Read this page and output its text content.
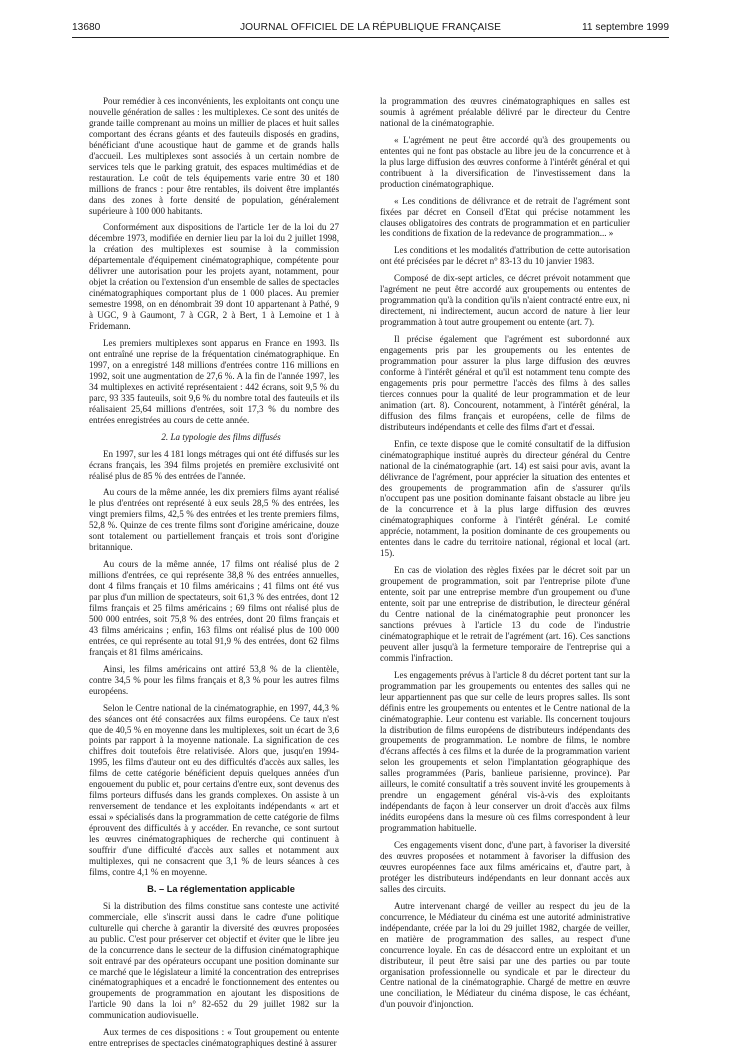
13680	JOURNAL OFFICIEL DE LA RÉPUBLIQUE FRANÇAISE	11 septembre 1999

Pour remédier à ces inconvénients, les exploitants ont conçu une nouvelle génération de salles : les multiplexes. Ce sont des unités de grande taille comprenant au moins un millier de places et huit salles comportant des écrans géants et des fauteuils disposés en gradins, bénéficiant d'une acoustique haut de gamme et de grands halls d'accueil. Les multiplexes sont associés à un certain nombre de services tels que le parking gratuit, des espaces multimédias et de restauration. Le coût de tels équipements varie entre 30 et 180 millions de francs : pour être rentables, ils doivent être implantés dans des zones à forte densité de population, généralement supérieure à 100 000 habitants.

Conformément aux dispositions de l'article 1er de la loi du 27 décembre 1973, modifiée en dernier lieu par la loi du 2 juillet 1998, la création des multiplexes est soumise à la commission départementale d'équipement cinématographique, compétente pour délivrer une autorisation pour les projets ayant, notamment, pour objet la création ou l'extension d'un ensemble de salles de spectacles cinématographiques comportant plus de 1 000 places. Au premier semestre 1998, on en dénombrait 39 dont 10 appartenant à Pathé, 9 à UGC, 9 à Gaumont, 7 à CGR, 2 à Bert, 1 à Lemoine et 1 à Fridemann.

Les premiers multiplexes sont apparus en France en 1993. Ils ont entraîné une reprise de la fréquentation cinématographique. En 1997, on a enregistré 148 millions d'entrées contre 116 millions en 1992, soit une augmentation de 27,6 %. A la fin de l'année 1997, les 34 multiplexes en activité représentaient : 442 écrans, soit 9,5 % du parc, 93 335 fauteuils, soit 9,6 % du nombre total des fauteuils et ils réalisaient 25,64 millions d'entrées, soit 17,3 % du nombre des entrées enregistrées au cours de cette année.

2. La typologie des films diffusés

En 1997, sur les 4 181 longs métrages qui ont été diffusés sur les écrans français, les 394 films projetés en première exclusivité ont réalisé plus de 85 % des entrées de l'année.

Au cours de la même année, les dix premiers films ayant réalisé le plus d'entrées ont représenté à eux seuls 28,5 % des entrées, les vingt premiers films, 42,5 % des entrées et les trente premiers films, 52,8 %. Quinze de ces trente films sont d'origine américaine, douze sont totalement ou partiellement français et trois sont d'origine britannique.

Au cours de la même année, 17 films ont réalisé plus de 2 millions d'entrées, ce qui représente 38,8 % des entrées annuelles, dont 4 films français et 10 films américains ; 41 films ont été vus par plus d'un million de spectateurs, soit 61,3 % des entrées, dont 12 films français et 25 films américains ; 69 films ont réalisé plus de 500 000 entrées, soit 75,8 % des entrées, dont 20 films français et 43 films américains ; enfin, 163 films ont réalisé plus de 100 000 entrées, ce qui représente au total 91,9 % des entrées, dont 62 films français et 81 films américains.

Ainsi, les films américains ont attiré 53,8 % de la clientèle, contre 34,5 % pour les films français et 8,3 % pour les autres films européens.

Selon le Centre national de la cinématographie, en 1997, 44,3 % des séances ont été consacrées aux films européens. Ce taux n'est que de 40,5 % en moyenne dans les multiplexes, soit un écart de 3,6 points par rapport à la moyenne nationale. La signification de ces chiffres doit toutefois être relativisée. Alors que, jusqu'en 1994-1995, les films d'auteur ont eu des difficultés d'accès aux salles, les films de cette catégorie bénéficient depuis quelques années d'un engouement du public et, pour certains d'entre eux, sont devenus des films porteurs diffusés dans les grands complexes. On assiste à un renversement de tendance et les exploitants indépendants « art et essai » spécialisés dans la programmation de cette catégorie de films éprouvent des difficultés à y accéder. En revanche, ce sont surtout les œuvres cinématographiques de recherche qui continuent à souffrir d'une difficulté d'accès aux salles et notamment aux multiplexes, qui ne consacrent que 3,1 % de leurs séances à ces films, contre 4,1 % en moyenne.

B. – La réglementation applicable

Si la distribution des films constitue sans conteste une activité commerciale, elle s'inscrit aussi dans le cadre d'une politique culturelle qui cherche à garantir la diversité des œuvres proposées au public. C'est pour préserver cet objectif et éviter que le libre jeu de la concurrence dans le secteur de la diffusion cinématographique soit entravé par des opérateurs occupant une position dominante sur ce marché que le législateur a limité la concentration des entreprises cinématographiques et a encadré le fonctionnement des ententes ou groupements de programmation en ajoutant les dispositions de l'article 90 dans la loi n° 82-652 du 29 juillet 1982 sur la communication audiovisuelle.

Aux termes de ces dispositions : « Tout groupement ou entente entre entreprises de spectacles cinématographiques destiné à assurer

la programmation des œuvres cinématographiques en salles est soumis à agrément préalable délivré par le directeur du Centre national de la cinématographie.

« L'agrément ne peut être accordé qu'à des groupements ou ententes qui ne font pas obstacle au libre jeu de la concurrence et à la plus large diffusion des œuvres conforme à l'intérêt général et qui contribuent à la diversification de l'investissement dans la production cinématographique.

« Les conditions de délivrance et de retrait de l'agrément sont fixées par décret en Conseil d'Etat qui précise notamment les clauses obligatoires des contrats de programmation et en particulier les conditions de fixation de la redevance de programmation... »

Les conditions et les modalités d'attribution de cette autorisation ont été précisées par le décret n° 83-13 du 10 janvier 1983.

Composé de dix-sept articles, ce décret prévoit notamment que l'agrément ne peut être accordé aux groupements ou ententes de programmation qu'à la condition qu'ils n'aient contracté entre eux, ni directement, ni indirectement, aucun accord de nature à lier leur programmation à tout autre groupement ou entente (art. 7).

Il précise également que l'agrément est subordonné aux engagements pris par les groupements ou les ententes de programmation pour assurer la plus large diffusion des œuvres conforme à l'intérêt général et qu'il est notamment tenu compte des engagements pris pour permettre l'accès des films à des salles tierces connues pour la qualité de leur programmation et de leur animation (art. 8). Concourent, notamment, à l'intérêt général, la diffusion des films français et européens, celle de films de distributeurs indépendants et celle des films d'art et d'essai.

Enfin, ce texte dispose que le comité consultatif de la diffusion cinématographique institué auprès du directeur général du Centre national de la cinématographie (art. 14) est saisi pour avis, avant la délivrance de l'agrément, pour apprécier la situation des ententes et des groupements de programmation afin de s'assurer qu'ils n'occupent pas une position dominante faisant obstacle au libre jeu de la concurrence et à la plus large diffusion des œuvres cinématographiques conforme à l'intérêt général. Le comité apprécie, notamment, la position dominante de ces groupements ou ententes dans le cadre du territoire national, régional et local (art. 15).

En cas de violation des règles fixées par le décret soit par un groupement de programmation, soit par l'entreprise pilote d'une entente, soit par une entreprise membre d'un groupement ou d'une entente, soit par une entreprise de distribution, le directeur général du Centre national de la cinématographie peut prononcer les sanctions prévues à l'article 13 du code de l'industrie cinématographique et le retrait de l'agrément (art. 16). Ces sanctions peuvent aller jusqu'à la fermeture temporaire de l'entreprise qui a commis l'infraction.

Les engagements prévus à l'article 8 du décret portent tant sur la programmation par les groupements ou ententes des salles qui ne leur appartiennent pas que sur celle de leurs propres salles. Ils sont définis entre les groupements ou ententes et le Centre national de la cinématographie. Leur contenu est variable. Ils concernent toujours la distribution de films européens de distributeurs indépendants des groupements de programmation. Le nombre de films, le nombre d'écrans affectés à ces films et la durée de la programmation varient selon les groupements et selon l'implantation géographique des salles programmées (Paris, banlieue parisienne, province). Par ailleurs, le comité consultatif a très souvent invité les groupements à prendre un engagement général vis-à-vis des exploitants indépendants de façon à leur conserver un droit d'accès aux films inédits européens dans la mesure où ces films correspondent à leur programmation habituelle.

Ces engagements visent donc, d'une part, à favoriser la diversité des œuvres proposées et notamment à favoriser la diffusion des œuvres européennes face aux films américains et, d'autre part, à protéger les distributeurs indépendants en leur donnant accès aux salles des circuits.

Autre intervenant chargé de veiller au respect du jeu de la concurrence, le Médiateur du cinéma est une autorité administrative indépendante, créée par la loi du 29 juillet 1982, chargée de veiller, en matière de programmation des salles, au respect d'une concurrence loyale. En cas de désaccord entre un exploitant et un distributeur, il peut être saisi par une des parties ou par toute organisation professionnelle ou syndicale et par le directeur du Centre national de la cinématographie. Chargé de mettre en œuvre une conciliation, le Médiateur du cinéma dispose, le cas échéant, d'un pouvoir d'injonction.
